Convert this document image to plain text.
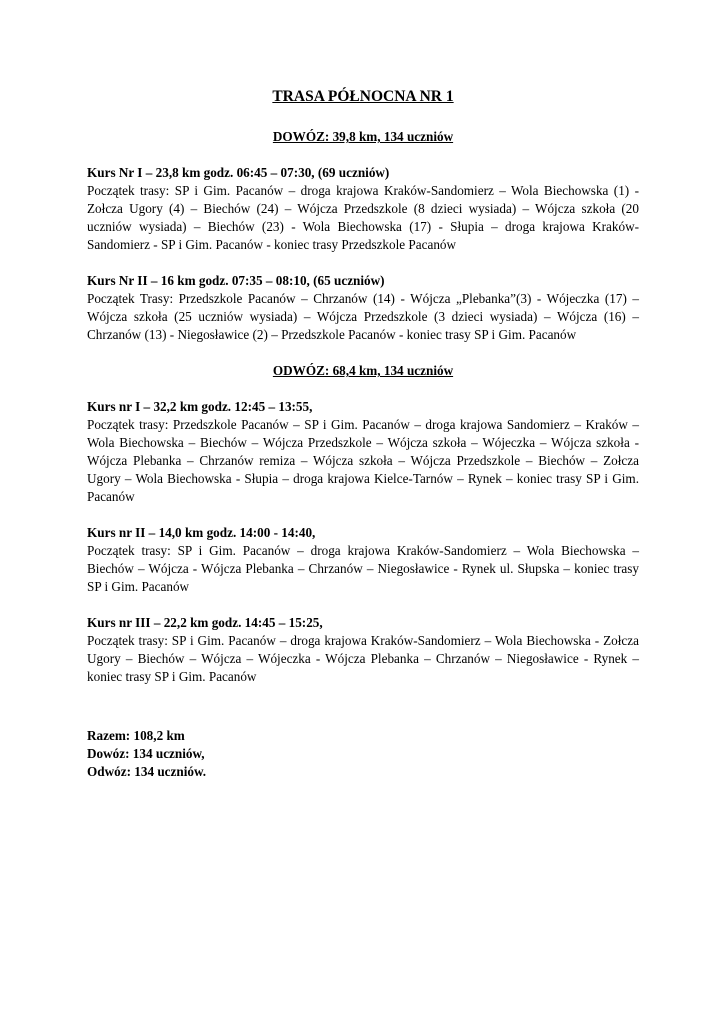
TRASA PÓŁNOCNA NR 1
DOWÓZ: 39,8 km, 134 uczniów
Kurs Nr I – 23,8 km godz. 06:45 – 07:30, (69 uczniów)
Początek trasy: SP i Gim. Pacanów – droga krajowa Kraków-Sandomierz – Wola Biechowska (1) - Zołcza Ugory (4) – Biechów (24) – Wójcza Przedszkole (8 dzieci wysiada) – Wójcza szkoła (20 uczniów wysiada) – Biechów (23) - Wola Biechowska (17) - Słupia – droga krajowa Kraków-Sandomierz - SP i Gim. Pacanów - koniec trasy Przedszkole Pacanów
Kurs Nr II – 16 km godz. 07:35 – 08:10, (65 uczniów)
Początek Trasy: Przedszkole Pacanów – Chrzanów (14) - Wójcza „Plebanka”(3) - Wójeczka (17) – Wójcza szkoła (25 uczniów wysiada) – Wójcza Przedszkole (3 dzieci wysiada) – Wójcza (16) – Chrzanów (13) - Niegosławice (2) – Przedszkole Pacanów - koniec trasy SP i Gim. Pacanów
ODWÓZ: 68,4 km, 134 uczniów
Kurs nr I – 32,2 km godz. 12:45 – 13:55,
Początek trasy: Przedszkole Pacanów – SP i Gim. Pacanów – droga krajowa Sandomierz – Kraków – Wola Biechowska – Biechów – Wójcza Przedszkole – Wójcza szkoła – Wójeczka – Wójcza szkoła - Wójcza Plebanka – Chrzanów remiza – Wójcza szkoła – Wójcza Przedszkole – Biechów – Zołcza Ugory – Wola Biechowska - Słupia – droga krajowa Kielce-Tarnów – Rynek – koniec trasy SP i Gim. Pacanów
Kurs nr II – 14,0 km godz. 14:00 - 14:40,
Początek trasy: SP i Gim. Pacanów – droga krajowa Kraków-Sandomierz – Wola Biechowska – Biechów – Wójcza - Wójcza Plebanka – Chrzanów – Niegosławice - Rynek ul. Słupska – koniec trasy SP i Gim. Pacanów
Kurs nr III – 22,2 km godz. 14:45 – 15:25,
Początek trasy: SP i Gim. Pacanów – droga krajowa Kraków-Sandomierz – Wola Biechowska - Zołcza Ugory – Biechów – Wójcza – Wójeczka - Wójcza Plebanka – Chrzanów – Niegosławice - Rynek – koniec trasy SP i Gim. Pacanów
Razem: 108,2 km
Dowóz: 134 uczniów,
Odwóz: 134 uczniów.
